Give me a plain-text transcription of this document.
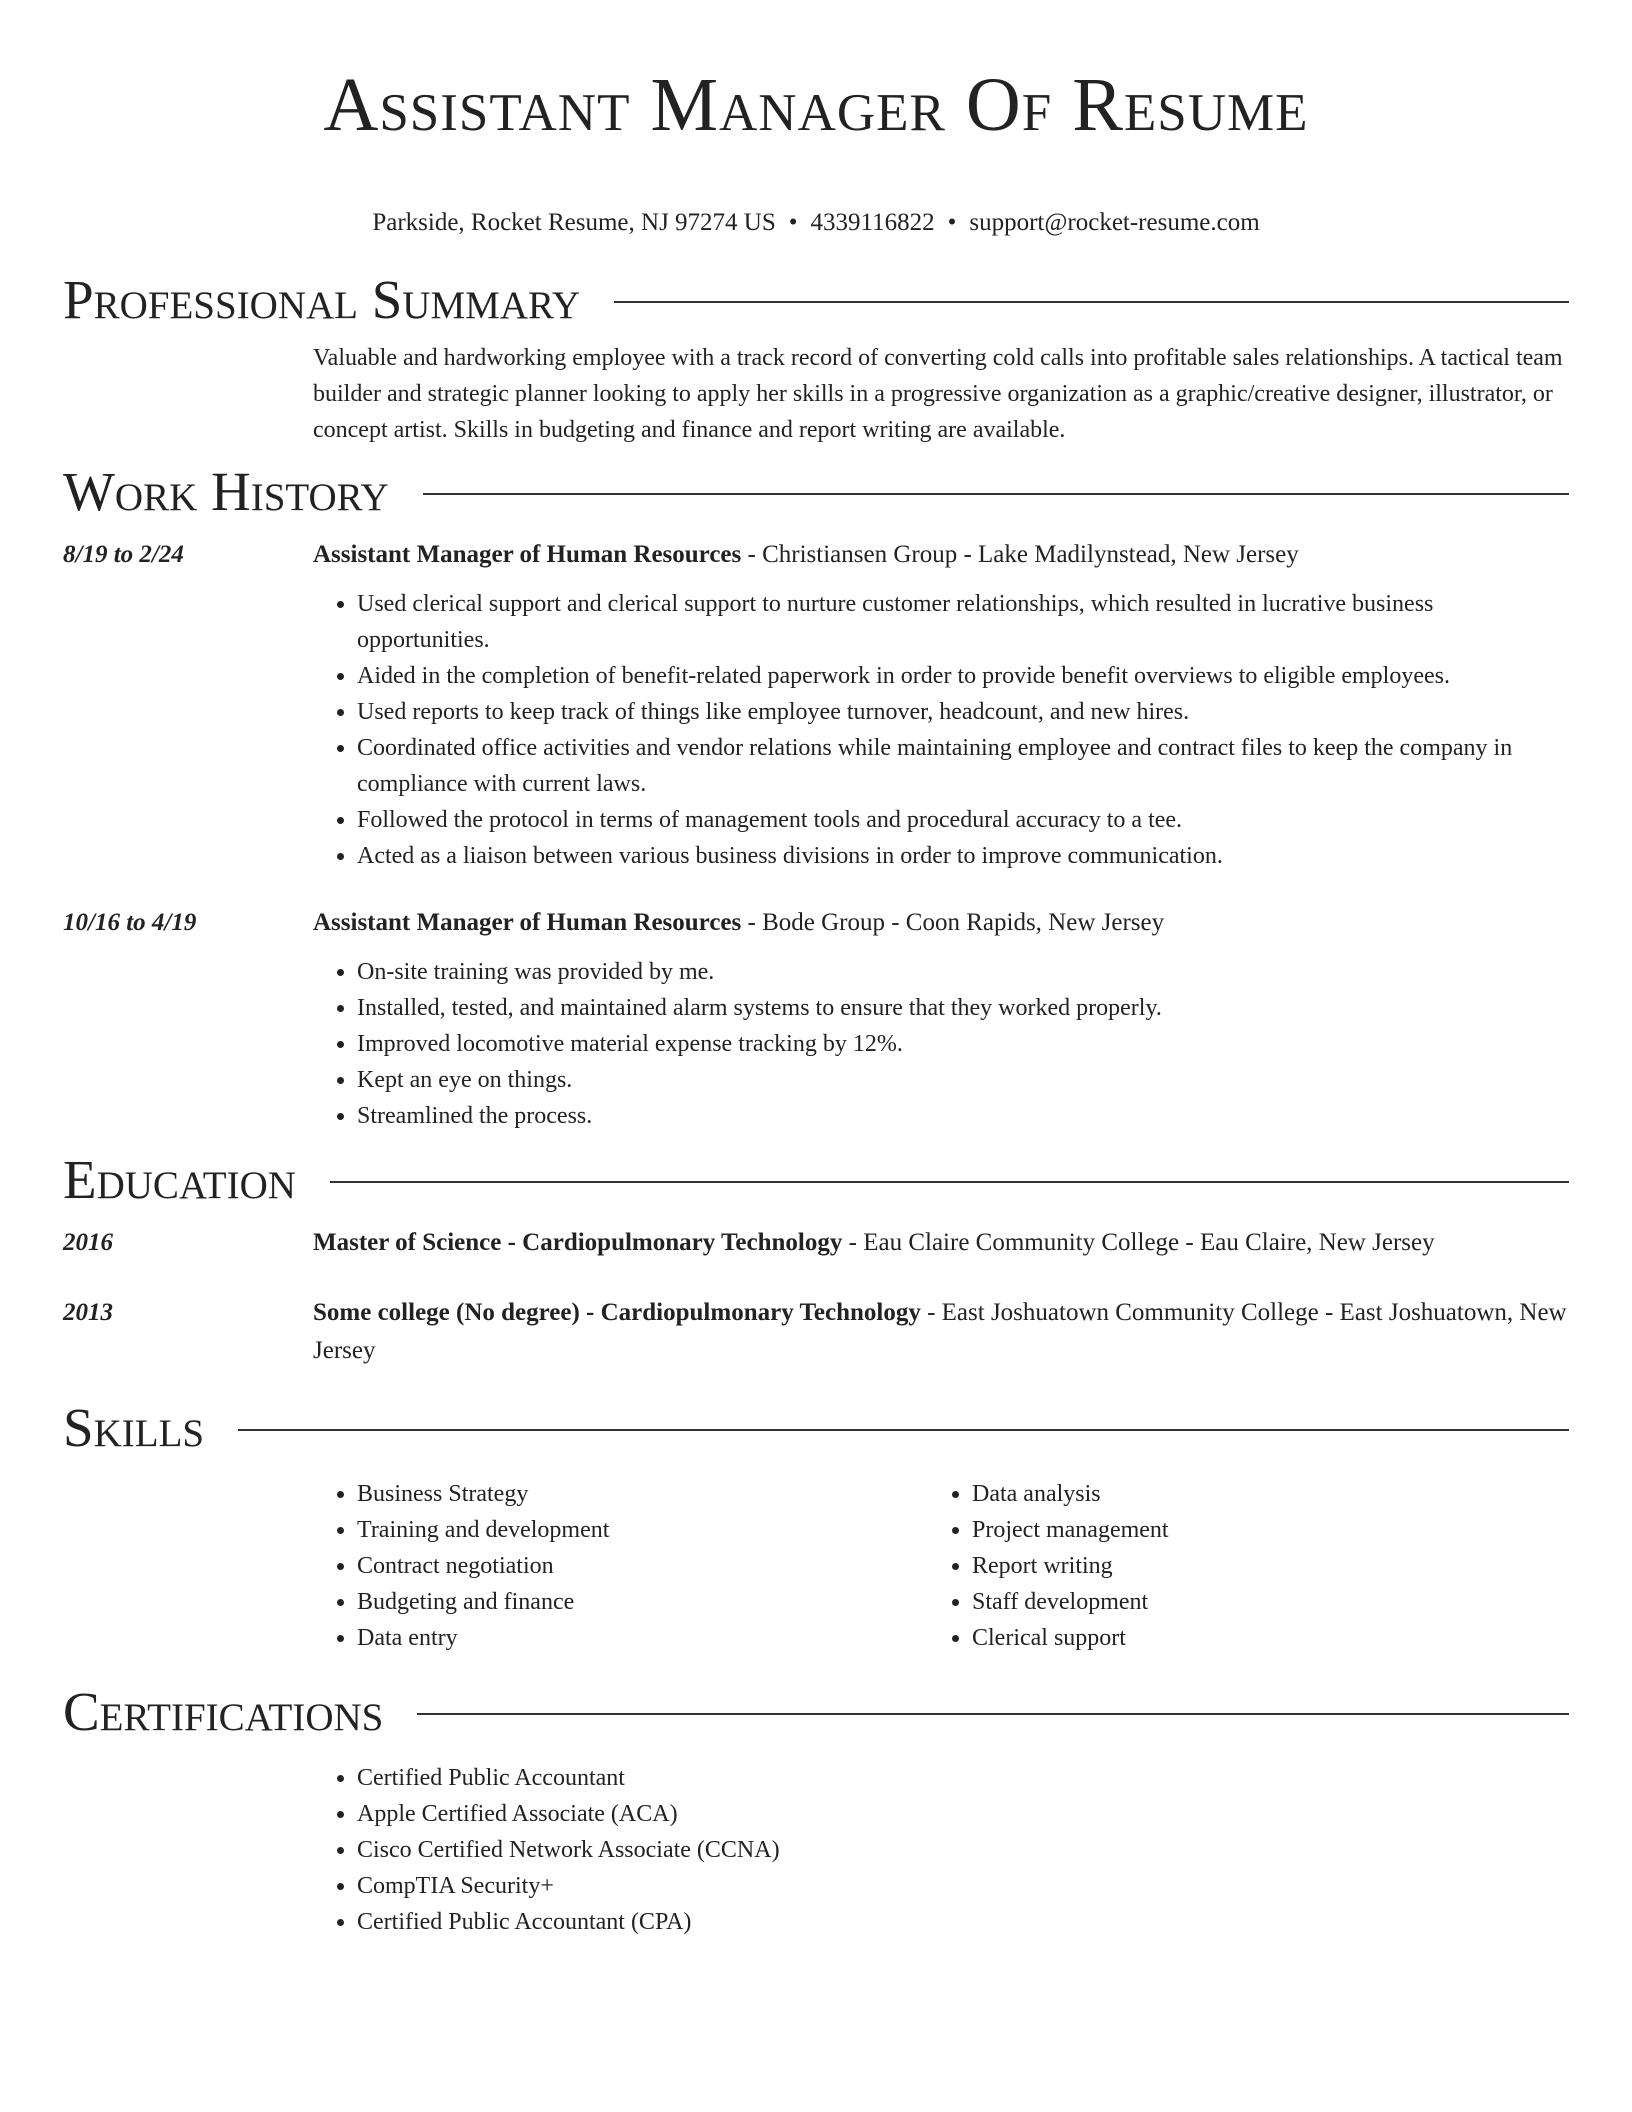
Assistant Manager Of Resume
Parkside, Rocket Resume, NJ 97274 US • 4339116822 • support@rocket-resume.com
Professional Summary
Valuable and hardworking employee with a track record of converting cold calls into profitable sales relationships. A tactical team builder and strategic planner looking to apply her skills in a progressive organization as a graphic/creative designer, illustrator, or concept artist. Skills in budgeting and finance and report writing are available.
Work History
8/19 to 2/24	Assistant Manager of Human Resources - Christiansen Group - Lake Madilynstead, New Jersey
• Used clerical support and clerical support to nurture customer relationships, which resulted in lucrative business opportunities.
• Aided in the completion of benefit-related paperwork in order to provide benefit overviews to eligible employees.
• Used reports to keep track of things like employee turnover, headcount, and new hires.
• Coordinated office activities and vendor relations while maintaining employee and contract files to keep the company in compliance with current laws.
• Followed the protocol in terms of management tools and procedural accuracy to a tee.
• Acted as a liaison between various business divisions in order to improve communication.
10/16 to 4/19	Assistant Manager of Human Resources - Bode Group - Coon Rapids, New Jersey
• On-site training was provided by me.
• Installed, tested, and maintained alarm systems to ensure that they worked properly.
• Improved locomotive material expense tracking by 12%.
• Kept an eye on things.
• Streamlined the process.
Education
2016	Master of Science - Cardiopulmonary Technology - Eau Claire Community College - Eau Claire, New Jersey
2013	Some college (No degree) - Cardiopulmonary Technology - East Joshuatown Community College - East Joshuatown, New Jersey
Skills
• Business Strategy
• Training and development
• Contract negotiation
• Budgeting and finance
• Data entry
• Data analysis
• Project management
• Report writing
• Staff development
• Clerical support
Certifications
• Certified Public Accountant
• Apple Certified Associate (ACA)
• Cisco Certified Network Associate (CCNA)
• CompTIA Security+
• Certified Public Accountant (CPA)
